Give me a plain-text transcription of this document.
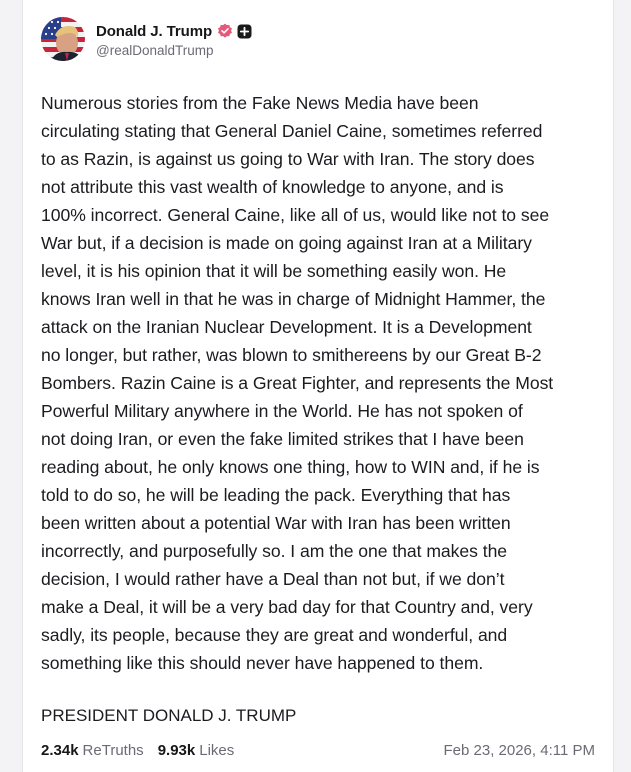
Donald J. Trump
@realDonaldTrump
Numerous stories from the Fake News Media have been
circulating stating that General Daniel Caine, sometimes referred
to as Razin, is against us going to War with Iran. The story does
not attribute this vast wealth of knowledge to anyone, and is
100% incorrect. General Caine, like all of us, would like not to see
War but, if a decision is made on going against Iran at a Military
level, it is his opinion that it will be something easily won. He
knows Iran well in that he was in charge of Midnight Hammer, the
attack on the Iranian Nuclear Development. It is a Development
no longer, but rather, was blown to smithereens by our Great B-2
Bombers. Razin Caine is a Great Fighter, and represents the Most
Powerful Military anywhere in the World. He has not spoken of
not doing Iran, or even the fake limited strikes that I have been
reading about, he only knows one thing, how to WIN and, if he is
told to do so, he will be leading the pack. Everything that has
been written about a potential War with Iran has been written
incorrectly, and purposefully so. I am the one that makes the
decision, I would rather have a Deal than not but, if we don’t
make a Deal, it will be a very bad day for that Country and, very
sadly, its people, because they are great and wonderful, and
something like this should never have happened to them.
PRESIDENT DONALD J. TRUMP
2.34k ReTruths 9.93k Likes	Feb 23, 2026, 4:11 PM
